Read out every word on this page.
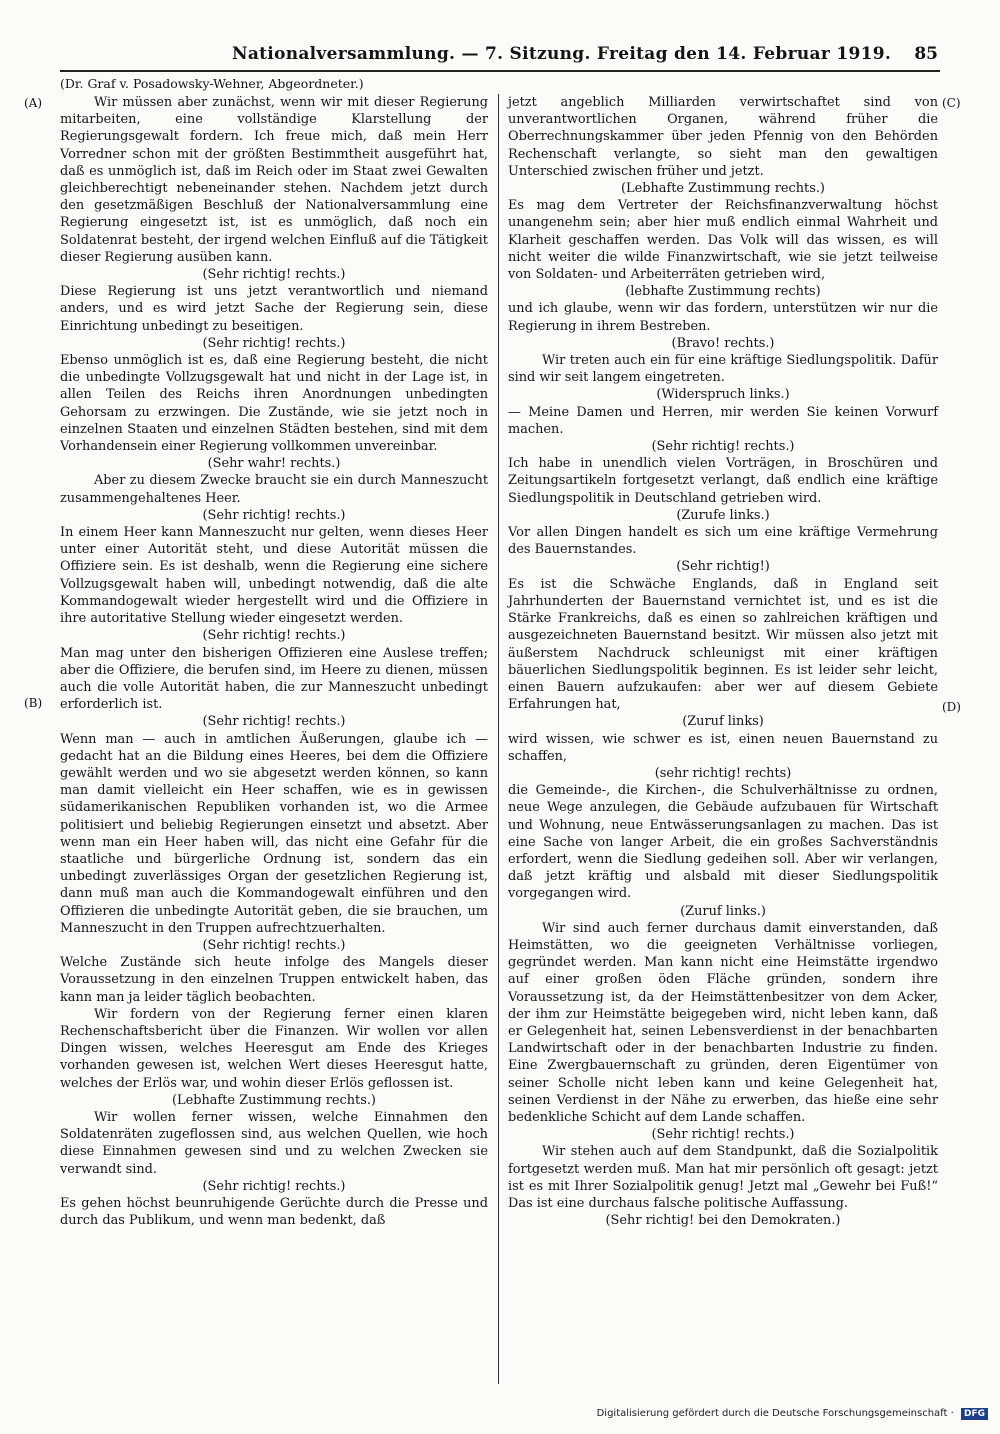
Nationalversammlung. — 7. Sitzung. Freitag den 14. Februar 1919. 85
(Dr. Graf v. Posadowsky-Wehner, Abgeordneter.)
(A)
(B)
(C)
(D)

Wir müssen aber zunächst, wenn wir mit dieser Regierung mitarbeiten, eine vollständige Klarstellung der Regierungsgewalt fordern. Ich freue mich, daß mein Herr Vorredner schon mit der größten Bestimmtheit ausgeführt hat, daß es unmöglich ist, daß im Reich oder im Staat zwei Gewalten gleichberechtigt nebeneinander stehen. Nachdem jetzt durch den gesetzmäßigen Beschluß der Nationalversammlung eine Regierung eingesetzt ist, ist es unmöglich, daß noch ein Soldatenrat besteht, der irgend welchen Einfluß auf die Tätigkeit dieser Regierung ausüben kann.

(Sehr richtig! rechts.)

Diese Regierung ist uns jetzt verantwortlich und niemand anders, und es wird jetzt Sache der Regierung sein, diese Einrichtung unbedingt zu beseitigen.

(Sehr richtig! rechts.)

Ebenso unmöglich ist es, daß eine Regierung besteht, die nicht die unbedingte Vollzugsgewalt hat und nicht in der Lage ist, in allen Teilen des Reichs ihren Anordnungen unbedingten Gehorsam zu erzwingen. Die Zustände, wie sie jetzt noch in einzelnen Staaten und einzelnen Städten bestehen, sind mit dem Vorhandensein einer Regierung vollkommen unvereinbar.

(Sehr wahr! rechts.)

Aber zu diesem Zwecke braucht sie ein durch Manneszucht zusammengehaltenes Heer.

(Sehr richtig! rechts.)

In einem Heer kann Manneszucht nur gelten, wenn dieses Heer unter einer Autorität steht, und diese Autorität müssen die Offiziere sein. Es ist deshalb, wenn die Regierung eine sichere Vollzugsgewalt haben will, unbedingt notwendig, daß die alte Kommandogewalt wieder hergestellt wird und die Offiziere in ihre autoritative Stellung wieder eingesetzt werden.

(Sehr richtig! rechts.)

Man mag unter den bisherigen Offizieren eine Auslese treffen; aber die Offiziere, die berufen sind, im Heere zu dienen, müssen auch die volle Autorität haben, die zur Manneszucht unbedingt erforderlich ist.

(Sehr richtig! rechts.)

Wenn man — auch in amtlichen Äußerungen, glaube ich — gedacht hat an die Bildung eines Heeres, bei dem die Offiziere gewählt werden und wo sie abgesetzt werden können, so kann man damit vielleicht ein Heer schaffen, wie es in gewissen südamerikanischen Republiken vorhanden ist, wo die Armee politisiert und beliebig Regierungen einsetzt und absetzt. Aber wenn man ein Heer haben will, das nicht eine Gefahr für die staatliche und bürgerliche Ordnung ist, sondern das ein unbedingt zuverlässiges Organ der gesetzlichen Regierung ist, dann muß man auch die Kommandogewalt einführen und den Offizieren die unbedingte Autorität geben, die sie brauchen, um Manneszucht in den Truppen aufrechtzuerhalten.

(Sehr richtig! rechts.)

Welche Zustände sich heute infolge des Mangels dieser Voraussetzung in den einzelnen Truppen entwickelt haben, das kann man ja leider täglich beobachten.

Wir fordern von der Regierung ferner einen klaren Rechenschaftsbericht über die Finanzen. Wir wollen vor allen Dingen wissen, welches Heeresgut am Ende des Krieges vorhanden gewesen ist, welchen Wert dieses Heeresgut hatte, welches der Erlös war, und wohin dieser Erlös geflossen ist.

(Lebhafte Zustimmung rechts.)

Wir wollen ferner wissen, welche Einnahmen den Soldatenräten zugeflossen sind, aus welchen Quellen, wie hoch diese Einnahmen gewesen sind und zu welchen Zwecken sie verwandt sind.

(Sehr richtig! rechts.)

Es gehen höchst beunruhigende Gerüchte durch die Presse und durch das Publikum, und wenn man bedenkt, daß

jetzt angeblich Milliarden verwirtschaftet sind von unverantwortlichen Organen, während früher die Oberrechnungskammer über jeden Pfennig von den Behörden Rechenschaft verlangte, so sieht man den gewaltigen Unterschied zwischen früher und jetzt.

(Lebhafte Zustimmung rechts.)

Es mag dem Vertreter der Reichsfinanzverwaltung höchst unangenehm sein; aber hier muß endlich einmal Wahrheit und Klarheit geschaffen werden. Das Volk will das wissen, es will nicht weiter die wilde Finanzwirtschaft, wie sie jetzt teilweise von Soldaten- und Arbeiterräten getrieben wird,

(lebhafte Zustimmung rechts)

und ich glaube, wenn wir das fordern, unterstützen wir nur die Regierung in ihrem Bestreben.

(Bravo! rechts.)

Wir treten auch ein für eine kräftige Siedlungspolitik. Dafür sind wir seit langem eingetreten.

(Widerspruch links.)

— Meine Damen und Herren, mir werden Sie keinen Vorwurf machen.

(Sehr richtig! rechts.)

Ich habe in unendlich vielen Vorträgen, in Broschüren und Zeitungsartikeln fortgesetzt verlangt, daß endlich eine kräftige Siedlungspolitik in Deutschland getrieben wird.

(Zurufe links.)

Vor allen Dingen handelt es sich um eine kräftige Vermehrung des Bauernstandes.

(Sehr richtig!)

Es ist die Schwäche Englands, daß in England seit Jahrhunderten der Bauernstand vernichtet ist, und es ist die Stärke Frankreichs, daß es einen so zahlreichen kräftigen und ausgezeichneten Bauernstand besitzt. Wir müssen also jetzt mit äußerstem Nachdruck schleunigst mit einer kräftigen bäuerlichen Siedlungspolitik beginnen. Es ist leider sehr leicht, einen Bauern aufzukaufen: aber wer auf diesem Gebiete Erfahrungen hat,

(Zuruf links)

wird wissen, wie schwer es ist, einen neuen Bauernstand zu schaffen,

(sehr richtig! rechts)

die Gemeinde-, die Kirchen-, die Schulverhältnisse zu ordnen, neue Wege anzulegen, die Gebäude aufzubauen für Wirtschaft und Wohnung, neue Entwässerungsanlagen zu machen. Das ist eine Sache von langer Arbeit, die ein großes Sachverständnis erfordert, wenn die Siedlung gedeihen soll. Aber wir verlangen, daß jetzt kräftig und alsbald mit dieser Siedlungspolitik vorgegangen wird.

(Zuruf links.)

Wir sind auch ferner durchaus damit einverstanden, daß Heimstätten, wo die geeigneten Verhältnisse vorliegen, gegründet werden. Man kann nicht eine Heimstätte irgendwo auf einer großen öden Fläche gründen, sondern ihre Voraussetzung ist, da der Heimstättenbesitzer von dem Acker, der ihm zur Heimstätte beigegeben wird, nicht leben kann, daß er Gelegenheit hat, seinen Lebensverdienst in der benachbarten Landwirtschaft oder in der benachbarten Industrie zu finden. Eine Zwergbauernschaft zu gründen, deren Eigentümer von seiner Scholle nicht leben kann und keine Gelegenheit hat, seinen Verdienst in der Nähe zu erwerben, das hieße eine sehr bedenkliche Schicht auf dem Lande schaffen.

(Sehr richtig! rechts.)

Wir stehen auch auf dem Standpunkt, daß die Sozialpolitik fortgesetzt werden muß. Man hat mir persönlich oft gesagt: jetzt ist es mit Ihrer Sozialpolitik genug! Jetzt mal „Gewehr bei Fuß!“ Das ist eine durchaus falsche politische Auffassung.

(Sehr richtig! bei den Demokraten.)

Digitalisierung gefördert durch die Deutsche Forschungsgemeinschaft · DFG
